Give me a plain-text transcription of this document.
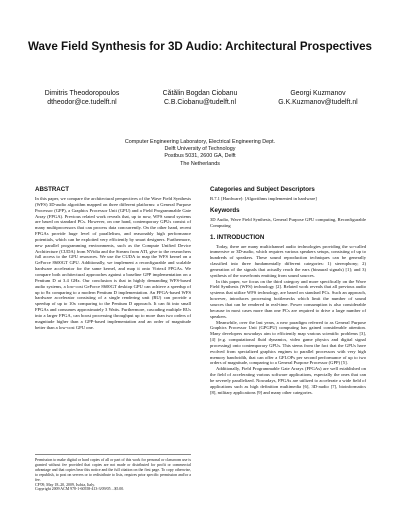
Wave Field Synthesis for 3D Audio: Architectural Prospectives
Dimitris Theodoropoulos
dtheodor@ce.tudelft.nl
Cătălin Bogdan Ciobanu
C.B.Ciobanu@tudelft.nl
Georgi Kuzmanov
G.K.Kuzmanov@tudelft.nl
Computer Engineering Laboratory, Electrical Engineering Dept.
Delft University of Technology
Postbus 5031, 2600 GA, Delft
The Netherlands
ABSTRACT

In this paper, we compare the architectural perspectives of the Wave Field Synthesis (WFS) 3D-audio algorithm mapped on three different platforms: a General Purpose Processor (GPP), a Graphics Processor Unit (GPU) and a Field Programmable Gate Array (FPGA). Previous related work reveals that, up to now, WFS sound systems are based on standard PCs. However, on one hand, contemporary GPUs consist of many multiprocessors that can process data concurrently. On the other hand, recent FPGAs provide huge level of parallelism, and reasonably high performance potentials, which can be exploited very efficiently by smart designers. Furthermore, new parallel programming environments, such as the Compute Unified Device Architecture (CUDA) from NVidia and the Stream from ATI, give to the researchers full access to the GPU resources. We use the CUDA to map the WFS kernel on a GeForce 8600GT GPU. Additionally, we implement a reconfigurable and scalable hardware accelerator for the same kernel, and map it onto Virtex4 FPGAs. We compare both architectural approaches against a baseline GPP implementation on a Pentium D at 3.4 GHz. Our conclusion is that in highly demanding WFS-based audio systems, a low-cost GeForce 8600GT desktop GPU can achieve a speedup of up to 8x comparing to a modern Pentium D implementation. An FPGA-based WFS hardware accelerator consisting of a single rendering unit (RU) can provide a speedup of up to 10x comparing to the Pentium D approach. It can fit into small FPGAs and consumes approximately 3 Watts. Furthermore, cascading multiple RUs into a larger FPGA, can boost processing throughput up to more than two orders of magnitude higher than a GPP-based implementation and an order of magnitude better than a low-cost GPU one.

Permission to make digital or hard copies of all or part of this work for personal or classroom use is granted without fee provided that copies are not made or distributed for profit or commercial advantage and that copies bear this notice and the full citation on the first page. To copy otherwise, to republish, to post on servers or to redistribute to lists, requires prior specific permission and/or a fee.
CF'09, May 18–20, 2009, Ischia, Italy.
Copyright 2009 ACM 978-1-60558-413-3/09/05 ...$5.00.
Categories and Subject Descriptors

B.7.1 [Hardware]: [Algorithms implemented in hardware]

Keywords

3D Audio, Wave Field Synthesis, General Purpose GPU computing, Reconfigurable Computing

1. INTRODUCTION

Today, there are many multichannel audio technologies providing the so-called immersive or 3D-audio, which requires various speakers setups, consisting of up to hundreds of speakers. These sound reproduction techniques can be generally classified into three fundamentally different categories: 1) stereophony; 2) generation of the signals that actually reach the ears (binaural signals) [1]; and 3) synthesis of the wavefronts emitting from sound sources.

In this paper, we focus on the third category and more specifically on the Wave Field Synthesis (WFS) technology [2]. Related work reveals that all previous audio systems that utilize WFS technology, are based on standard PCs. Such an approach, however, introduces processing bottlenecks which limit the number of sound sources that can be rendered in real-time. Power consumption is also considerable because in most cases more than one PCs are required to drive a large number of speakers.

Meanwhile, over the last years, a new paradigm referred to as General Purpose Graphics Processor Unit (GPGPU) computing has gained considerable attention. Many developers nowadays aim to efficiently map various scientific problems [3], [4] (e.g. computational fluid dynamics, video game physics and digital signal processing) onto contemporary GPUs. This stems from the fact that the GPUs have evolved from specialized graphics engines to parallel processors with very high memory bandwidth, that can offer a GFLOPs per second performance of up to two orders of magnitude, comparing to a General Purpose Processor (GPP) [5].

Additionally, Field Programmable Gate Arrays (FPGAs) are well established on the field of accelerating various software applications, especially the ones that can be severely parallelized. Nowadays, FPGAs are utilized to accelerate a wide field of applications such as high definition multimedia [6], 3D-audio [7], bioinformatics [8], military applications [9] and many other categories.
